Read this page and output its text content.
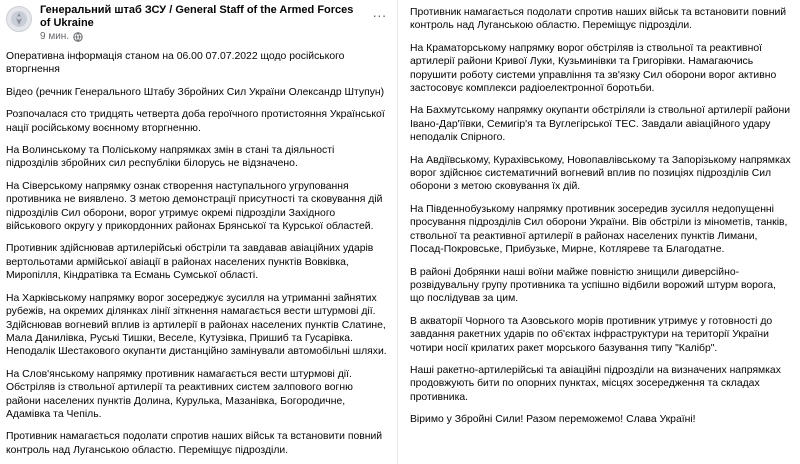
Генеральний штаб ЗСУ / General Staff of the Armed Forces of Ukraine
9 мин.
···

Оперативна інформація станом на 06.00 07.07.2022 щодо російського вторгнення

Відео (речник Генерального Штабу Збройних Сил України Олександр Штупун)

Розпочалася сто тридцять четверта доба героїчного протистояння Української нації російському воєнному вторгненню.

На Волинському та Поліському напрямках змін в стані та діяльності підрозділів збройних сил республіки білорусь не відзначено.

На Сіверському напрямку ознак створення наступального угруповання противника не виявлено. З метою демонстрації присутності та сковування дій підрозділів Сил оборони, ворог утримує окремі підрозділи Західного військового округу у прикордонних районах Брянської та Курської областей.

Противник здійснював артилерійські обстріли та завдавав авіаційних ударів вертольотами армійської авіації в районах населених пунктів Вовківка, Миропілля, Кіндратівка та Есмань Сумської області.

На Харківському напрямку ворог зосереджує зусилля на утриманні зайнятих рубежів, на окремих ділянках лінії зіткнення намагається вести штурмові дії. Здійснював вогневий вплив із артилерії в районах населених пунктів Слатине, Мала Данилівка, Руські Тишки, Веселе, Кутузівка, Пришиб та Гусарівка. Неподалік Шестакового окупанти дистанційно замінували автомобільні шляхи.

На Слов'янському напрямку противник намагається вести штурмові дії. Обстріляв із ствольної артилерії та реактивних систем залпового вогню райони населених пунктів Долина, Курулька, Мазанівка, Богородичне, Адамівка та Чепіль.

Противник намагається подолати спротив наших військ та встановити повний контроль над Луганською областю. Переміщує підрозділи.

Противник намагається подолати спротив наших військ та встановити повний контроль над Луганською областю. Переміщує підрозділи.

На Краматорському напрямку ворог обстріляв із ствольної та реактивної артилерії райони Кривої Луки, Кузьминівки та Григорівки. Намагаючись порушити роботу системи управління та зв'язку Сил оборони ворог активно застосовує комплекси радіоелектронної боротьби.

На Бахмутському напрямку окупанти обстріляли із ствольної артилерії райони Івано-Дар'їївки, Семигір'я та Вуглегірської ТЕС. Завдали авіаційного удару неподалік Спірного.

На Авдіївському, Курахівському, Новопавлівському та Запорізькому напрямках ворог здійснює систематичний вогневий вплив по позиціях підрозділів Сил оборони з метою сковування їх дій.

На Південнобузькому напрямку противник зосередив зусилля недопущенні просування підрозділів Сил оборони України. Вів обстріли із мінометів, танків, ствольної та реактивної артилерії в районах населених пунктів Лимани, Посад-Покровське, Прибузьке, Мирне, Котляреве та Благодатне.

В районі Добрянки наші воїни майже повністю знищили диверсійно-розвідувальну групу противника та успішно відбили ворожий штурм ворога, що послідував за цим.

В акваторії Чорного та Азовського морів противник утримує у готовності до завдання ракетних ударів по об'єктах інфраструктури на території України чотири носії крилатих ракет морського базування типу "Калібр".

Наші ракетно-артилерійські та авіаційні підрозділи на визначених напрямках продовжують бити по опорних пунктах, місцях зосередження та складах противника.

Віримо у Збройні Сили! Разом переможемо! Слава Україні!
